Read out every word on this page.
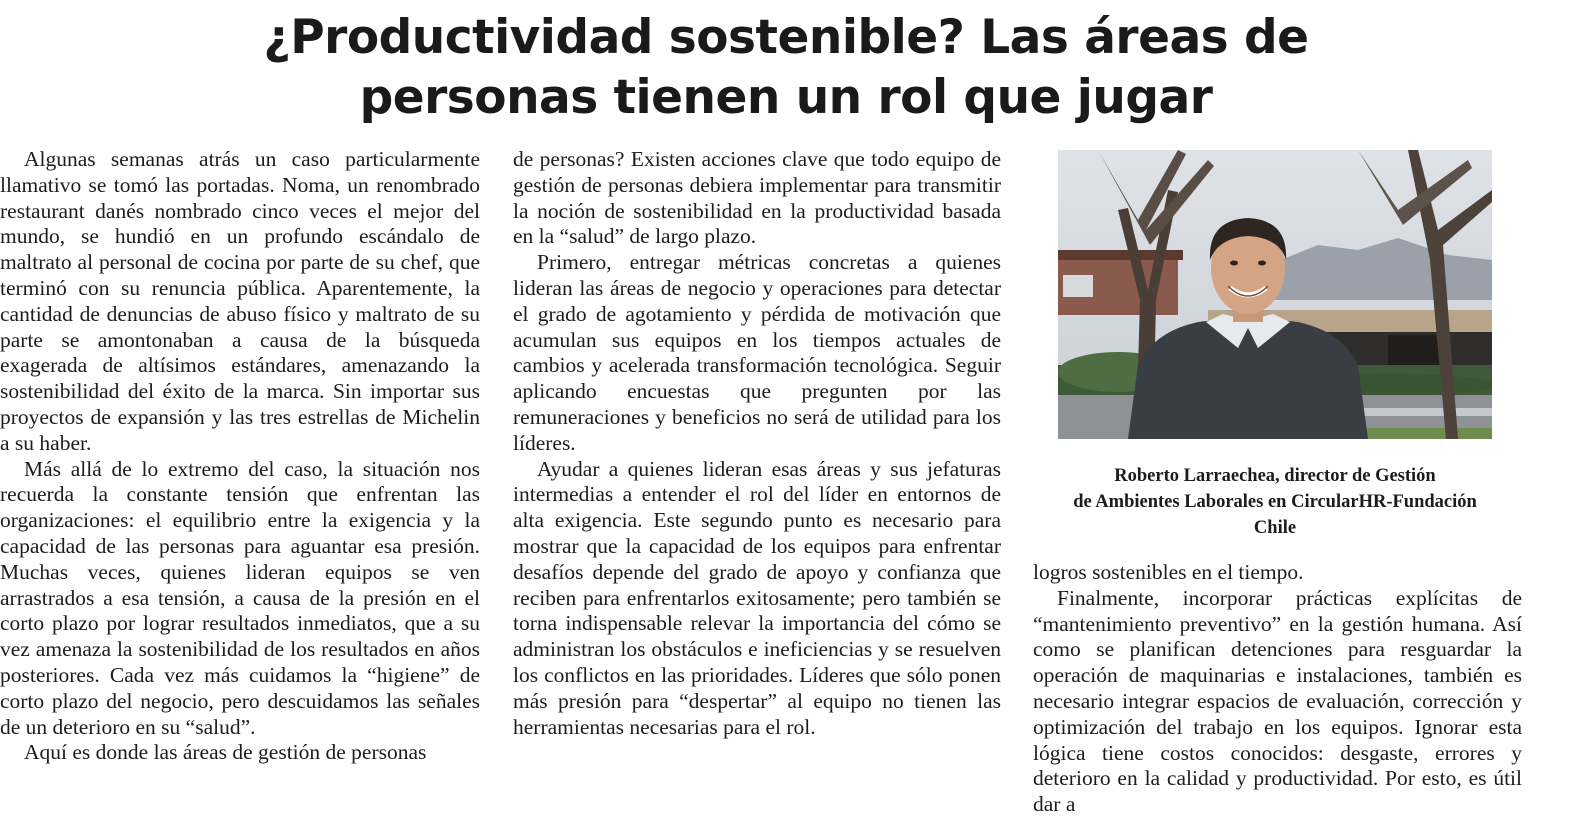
¿Productividad sostenible? Las áreas de
personas tienen un rol que jugar

Algunas semanas atrás un caso particularmente llamativo se tomó las portadas. Noma, un renombrado restaurant danés nombrado cinco veces el mejor del mundo, se hundió en un profundo escándalo de maltrato al personal de cocina por parte de su chef, que terminó con su renuncia pública. Aparentemente, la cantidad de denuncias de abuso físico y maltrato de su parte se amontonaban a causa de la búsqueda exagerada de altísimos estándares, amenazando la sostenibilidad del éxito de la marca. Sin importar sus proyectos de expansión y las tres estrellas de Michelin a su haber.

Más allá de lo extremo del caso, la situación nos recuerda la constante tensión que enfrentan las organizaciones: el equilibrio entre la exigencia y la capacidad de las personas para aguantar esa presión. Muchas veces, quienes lideran equipos se ven arrastrados a esa tensión, a causa de la presión en el corto plazo por lograr resultados inmediatos, que a su vez amenaza la sostenibilidad de los resultados en años posteriores. Cada vez más cuidamos la “higiene” de corto plazo del negocio, pero descuidamos las señales de un deterioro en su “salud”.

Aquí es donde las áreas de gestión de personas

de personas? Existen acciones clave que todo equipo de gestión de personas debiera implementar para transmitir la noción de sostenibilidad en la productividad basada en la “salud” de largo plazo.

Primero, entregar métricas concretas a quienes lideran las áreas de negocio y operaciones para detectar el grado de agotamiento y pérdida de motivación que acumulan sus equipos en los tiempos actuales de cambios y acelerada transformación tecnológica. Seguir aplicando encuestas que pregunten por las remuneraciones y beneficios no será de utilidad para los líderes.

Ayudar a quienes lideran esas áreas y sus jefaturas intermedias a entender el rol del líder en entornos de alta exigencia. Este segundo punto es necesario para mostrar que la capacidad de los equipos para enfrentar desafíos depende del grado de apoyo y confianza que reciben para enfrentarlos exitosamente; pero también se torna indispensable relevar la importancia del cómo se administran los obstáculos e ineficiencias y se resuelven los conflictos en las prioridades. Líderes que sólo ponen más presión para “despertar” al equipo no tienen las herramientas necesarias para el rol.

Roberto Larraechea, director de Gestión
de Ambientes Laborales en CircularHR-Fundación
Chile

logros sostenibles en el tiempo.

Finalmente, incorporar prácticas explícitas de “mantenimiento preventivo” en la gestión humana. Así como se planifican detenciones para resguardar la operación de maquinarias e instalaciones, también es necesario integrar espacios de evaluación, corrección y optimización del trabajo en los equipos. Ignorar esta lógica tiene costos conocidos: desgaste, errores y deterioro en la calidad y productividad. Por esto, es útil dar a
